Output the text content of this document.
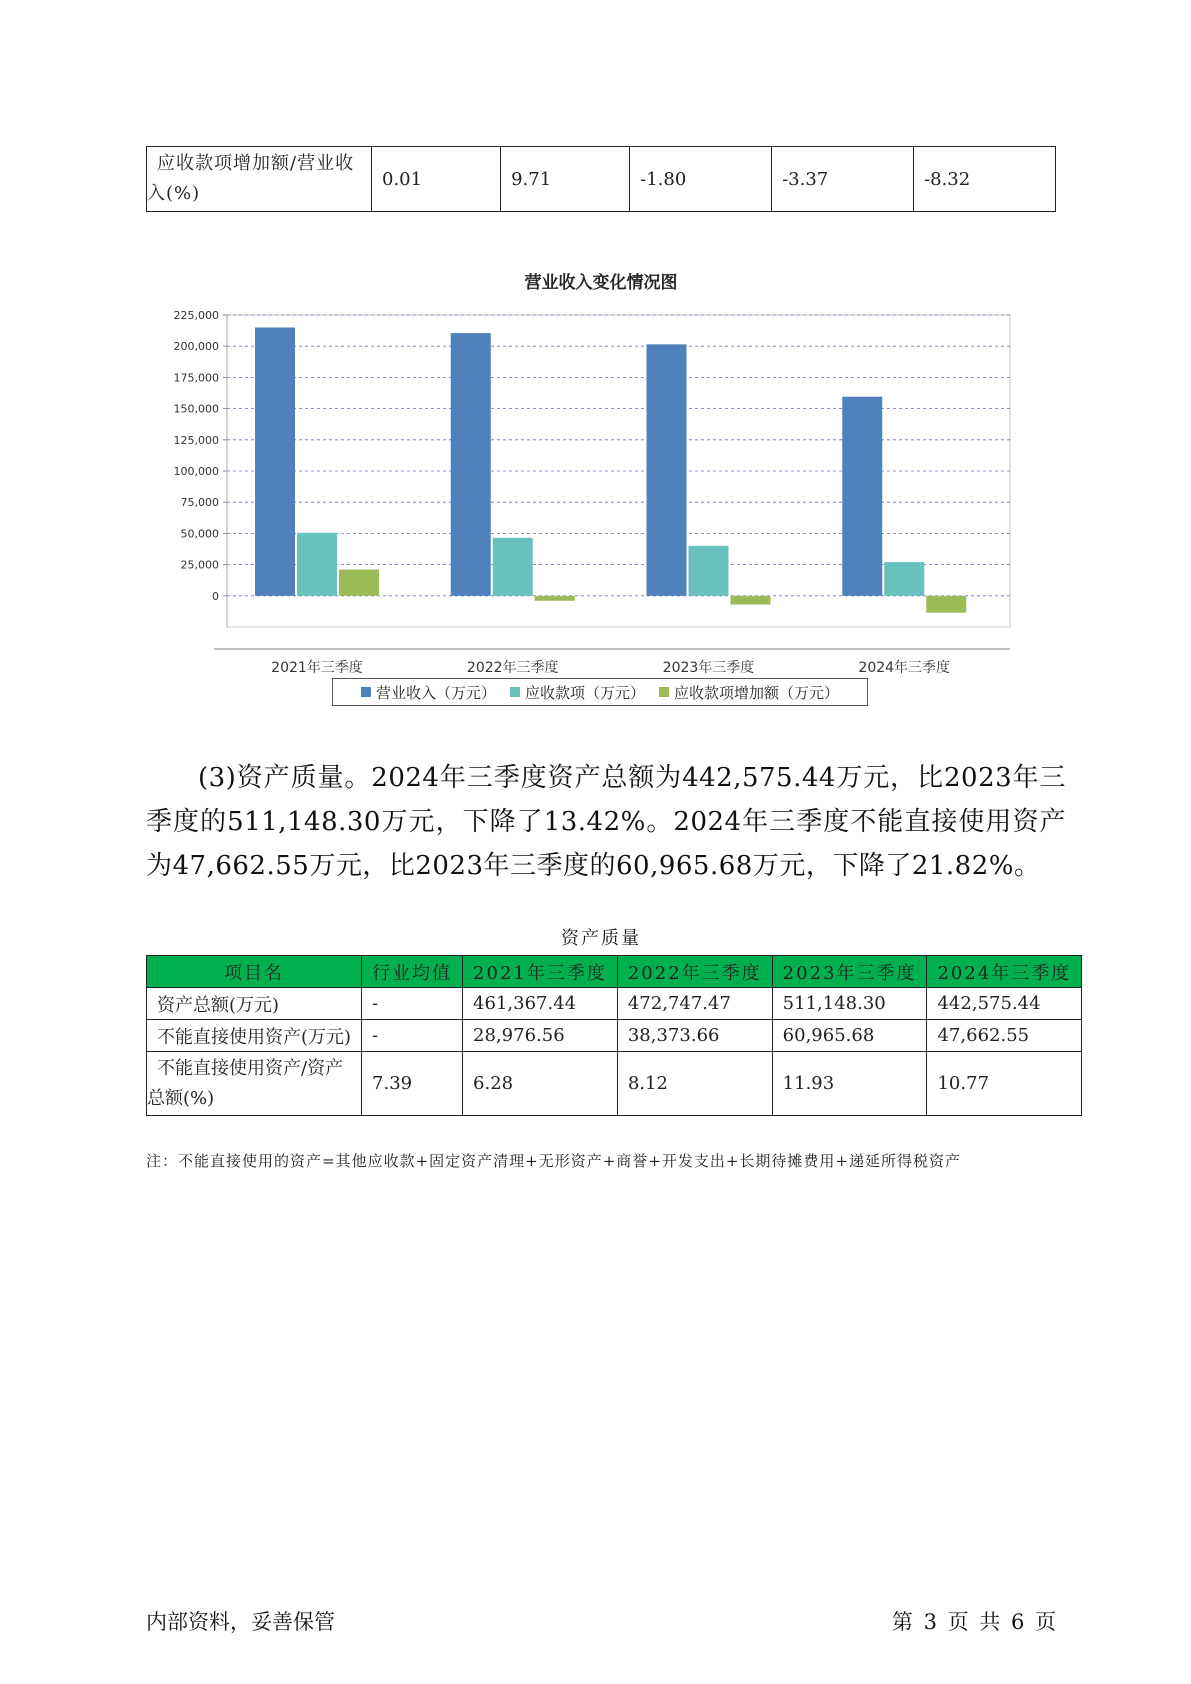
应收款项增加额/营业收
入(%)
	0.01	9.71	-1.80	-3.37	-8.32
营业收入变化情况图
225,000
200,000
175,000
150,000
125,000
100,000
75,000
50,000
25,000
0
2021年三季度	2022年三季度	2023年三季度	2024年三季度
营业收入（万元） 应收款项（万元） 应收款项增加额（万元）

(3)资产质量。2024年三季度资产总额为442,575.44万元，比2023年三季度的511,148.30万元，下降了13.42%。2024年三季度不能直接使用资产为47,662.55万元，比2023年三季度的60,965.68万元，下降了21.82%。

资产质量
项目名	行业均值	2021年三季度	2022年三季度	2023年三季度	2024年三季度
资产总额(万元)	-	461,367.44	472,747.47	511,148.30	442,575.44
不能直接使用资产(万元)	-	28,976.56	38,373.66	60,965.68	47,662.55

不能直接使用资产/资产
总额(%)	7.39	6.28	8.12	11.93	10.77
注：不能直接使用的资产=其他应收款+固定资产清理+无形资产+商誉+开发支出+长期待摊费用+递延所得税资产
内部资料，妥善保管	第 3 页 共 6 页
